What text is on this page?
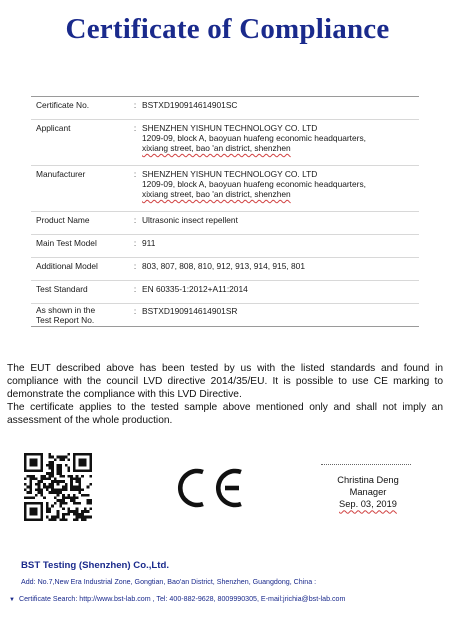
Certificate of Compliance
Certificate No.	:	BSTXD190914614901SC
Applicant	:	SHENZHEN YISHUN TECHNOLOGY CO. LTD
1209-09, block A, baoyuan huafeng economic headquarters,
xixiang street, bao 'an district, shenzhen

Manufacturer	:	SHENZHEN YISHUN TECHNOLOGY CO. LTD
1209-09, block A, baoyuan huafeng economic headquarters,
xixiang street, bao 'an district, shenzhen

Product Name	:	Ultrasonic insect repellent
Main Test Model	:	911
Additional Model	:	803, 807, 808, 810, 912, 913, 914, 915, 801
Test Standard	:	EN 60335-1:2012+A11:2014

As shown in the
Test Report No.	:	BSTXD190914614901SR

The EUT described above has been tested by us with the listed standards and found in compliance with the council LVD directive 2014/35/EU. It is possible to use CE marking to demonstrate the compliance with this LVD Directive.

The certificate applies to the tested sample above mentioned only and shall not imply an assessment of the whole production.

Christina Deng
Manager
Sep. 03, 2019
BST Testing (Shenzhen) Co.,Ltd.
Add: No.7,New Era Industrial Zone, Gongtian, Bao'an District, Shenzhen, Guangdong, China :
▼ Certificate Search: http://www.bst-lab.com , Tel: 400-882-9628, 8009990305, E-mail:jrichia@bst-lab.com
